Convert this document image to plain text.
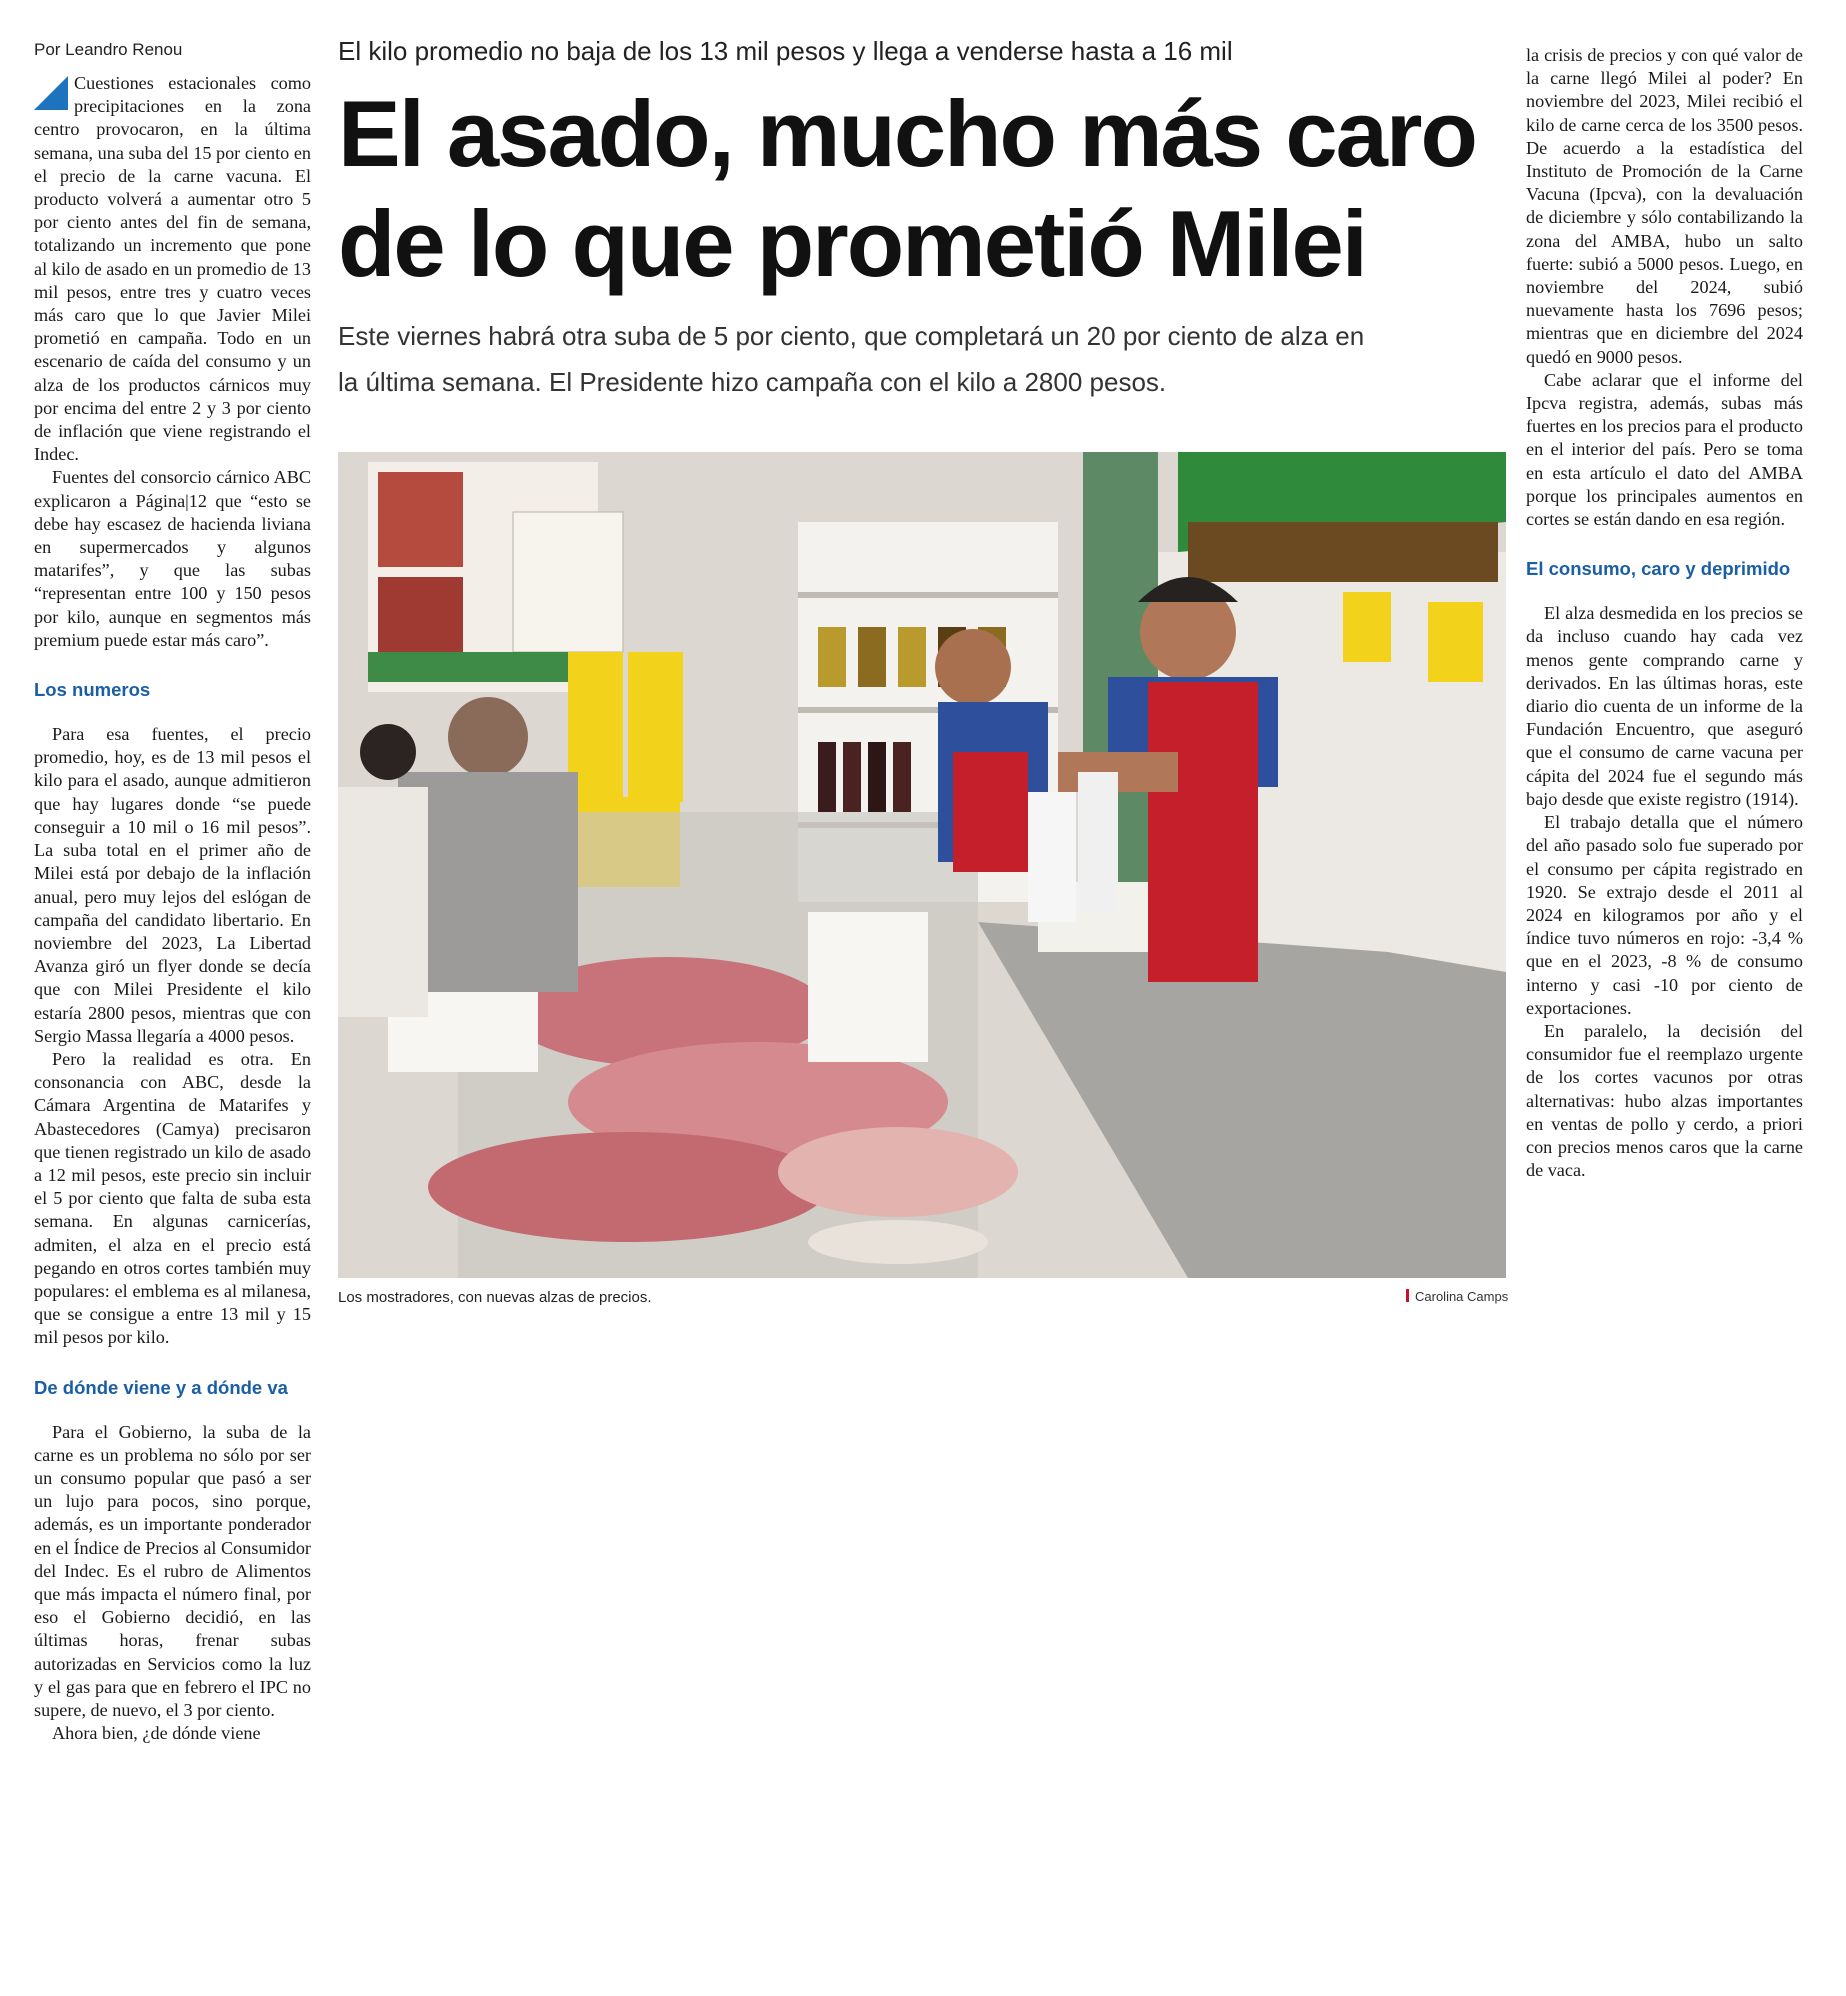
Por Leandro Renou

Cuestiones estacionales como precipitaciones en la zona centro provocaron, en la última semana, una suba del 15 por ciento en el precio de la carne vacuna. El producto volverá a aumentar otro 5 por ciento antes del fin de semana, totalizando un incremento que pone al kilo de asado en un promedio de 13 mil pesos, entre tres y cuatro veces más caro que lo que Javier Milei prometió en campaña. Todo en un escenario de caída del consumo y un alza de los productos cárnicos muy por encima del entre 2 y 3 por ciento de inflación que viene registrando el Indec.

Fuentes del consorcio cárnico ABC explicaron a Página|12 que “esto se debe hay escasez de hacienda liviana en supermercados y algunos matarifes”, y que las subas “representan entre 100 y 150 pesos por kilo, aunque en segmentos más premium puede estar más caro”.

Los numeros

Para esa fuentes, el precio promedio, hoy, es de 13 mil pesos el kilo para el asado, aunque admitieron que hay lugares donde “se puede conseguir a 10 mil o 16 mil pesos”. La suba total en el primer año de Milei está por debajo de la inflación anual, pero muy lejos del eslógan de campaña del candidato libertario. En noviembre del 2023, La Libertad Avanza giró un flyer donde se decía que con Milei Presidente el kilo estaría 2800 pesos, mientras que con Sergio Massa llegaría a 4000 pesos.

Pero la realidad es otra. En consonancia con ABC, desde la Cámara Argentina de Matarifes y Abastecedores (Camya) precisaron que tienen registrado un kilo de asado a 12 mil pesos, este precio sin incluir el 5 por ciento que falta de suba esta semana. En algunas carnicerías, admiten, el alza en el precio está pegando en otros cortes también muy populares: el emblema es al milanesa, que se consigue a entre 13 mil y 15 mil pesos por kilo.

De dónde viene y a dónde va

Para el Gobierno, la suba de la carne es un problema no sólo por ser un consumo popular que pasó a ser un lujo para pocos, sino porque, además, es un importante ponderador en el Índice de Precios al Consumidor del Indec. Es el rubro de Alimentos que más impacta el número final, por eso el Gobierno decidió, en las últimas horas, frenar subas autorizadas en Servicios como la luz y el gas para que en febrero el IPC no supere, de nuevo, el 3 por ciento.

Ahora bien, ¿de dónde viene

El kilo promedio no baja de los 13 mil pesos y llega a venderse hasta a 16 mil
El asado, mucho más caro de lo que prometió Milei
Este viernes habrá otra suba de 5 por ciento, que completará un 20 por ciento de alza en la última semana. El Presidente hizo campaña con el kilo a 2800 pesos.
Los mostradores, con nuevas alzas de precios.	Carolina Camps

la crisis de precios y con qué valor de la carne llegó Milei al poder? En noviembre del 2023, Milei recibió el kilo de carne cerca de los 3500 pesos. De acuerdo a la estadística del Instituto de Promoción de la Carne Vacuna (Ipcva), con la devaluación de diciembre y sólo contabilizando la zona del AMBA, hubo un salto fuerte: subió a 5000 pesos. Luego, en noviembre del 2024, subió nuevamente hasta los 7696 pesos; mientras que en diciembre del 2024 quedó en 9000 pesos.

Cabe aclarar que el informe del Ipcva registra, además, subas más fuertes en los precios para el producto en el interior del país. Pero se toma en esta artículo el dato del AMBA porque los principales aumentos en cortes se están dando en esa región.

El consumo, caro y deprimido

El alza desmedida en los precios se da incluso cuando hay cada vez menos gente comprando carne y derivados. En las últimas horas, este diario dio cuenta de un informe de la Fundación Encuentro, que aseguró que el consumo de carne vacuna per cápita del 2024 fue el segundo más bajo desde que existe registro (1914).

El trabajo detalla que el número del año pasado solo fue superado por el consumo per cápita registrado en 1920. Se extrajo desde el 2011 al 2024 en kilogramos por año y el índice tuvo números en rojo: -3,4 % que en el 2023, -8 % de consumo interno y casi -10 por ciento de exportaciones.

En paralelo, la decisión del consumidor fue el reemplazo urgente de los cortes vacunos por otras alternativas: hubo alzas importantes en ventas de pollo y cerdo, a priori con precios menos caros que la carne de vaca.
